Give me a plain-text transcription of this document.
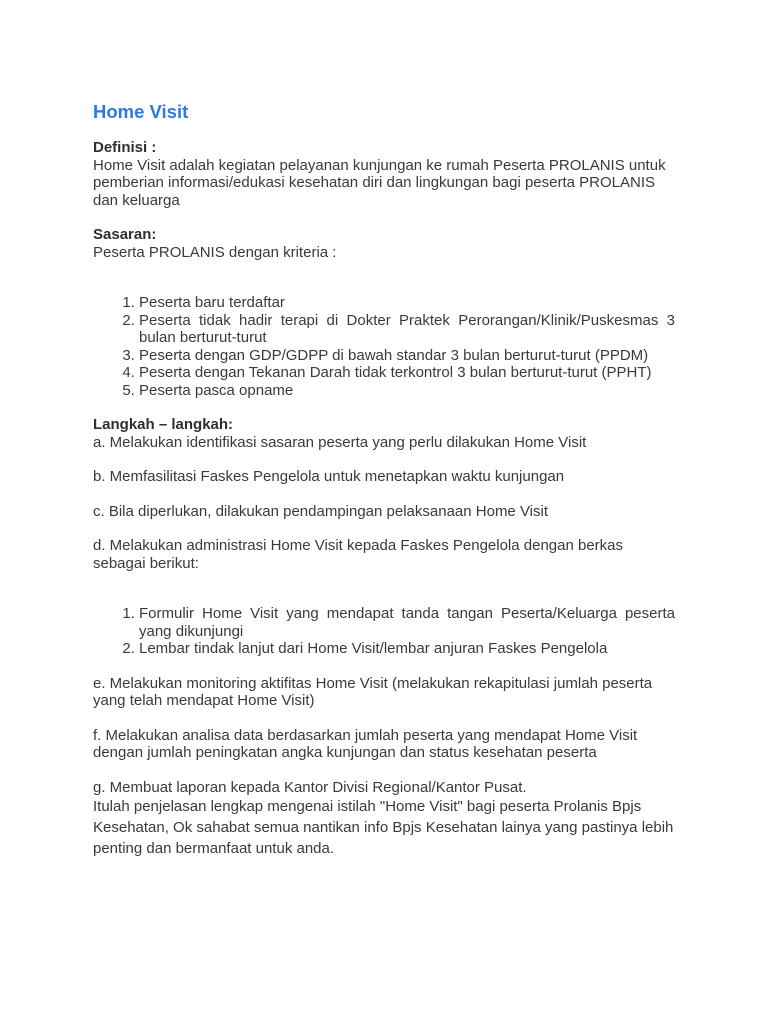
Home Visit
Definisi :

Home Visit adalah kegiatan pelayanan kunjungan ke rumah Peserta PROLANIS untuk pemberian informasi/edukasi kesehatan diri dan lingkungan bagi peserta PROLANIS dan keluarga

Sasaran:

Peserta PROLANIS dengan kriteria :

1. Peserta baru terdaftar
2. Peserta tidak hadir terapi di Dokter Praktek Perorangan/Klinik/Puskesmas 3 bulan berturut-turut
3. Peserta dengan GDP/GDPP di bawah standar 3 bulan berturut-turut (PPDM)
4. Peserta dengan Tekanan Darah tidak terkontrol 3 bulan berturut-turut (PPHT)
5. Peserta pasca opname
Langkah – langkah:

a. Melakukan identifikasi sasaran peserta yang perlu dilakukan Home Visit

b. Memfasilitasi Faskes Pengelola untuk menetapkan waktu kunjungan

c. Bila diperlukan, dilakukan pendampingan pelaksanaan Home Visit

d. Melakukan administrasi Home Visit kepada Faskes Pengelola dengan berkas sebagai berikut:

1. Formulir Home Visit yang mendapat tanda tangan Peserta/Keluarga peserta yang dikunjungi
2. Lembar tindak lanjut dari Home Visit/lembar anjuran Faskes Pengelola

e. Melakukan monitoring aktifitas Home Visit (melakukan rekapitulasi jumlah peserta yang telah mendapat Home Visit)

f. Melakukan analisa data berdasarkan jumlah peserta yang mendapat Home Visit dengan jumlah peningkatan angka kunjungan dan status kesehatan peserta

g. Membuat laporan kepada Kantor Divisi Regional/Kantor Pusat.

Itulah penjelasan lengkap mengenai istilah "Home Visit" bagi peserta Prolanis Bpjs Kesehatan, Ok sahabat semua nantikan info Bpjs Kesehatan lainya yang pastinya lebih penting dan bermanfaat untuk anda.
